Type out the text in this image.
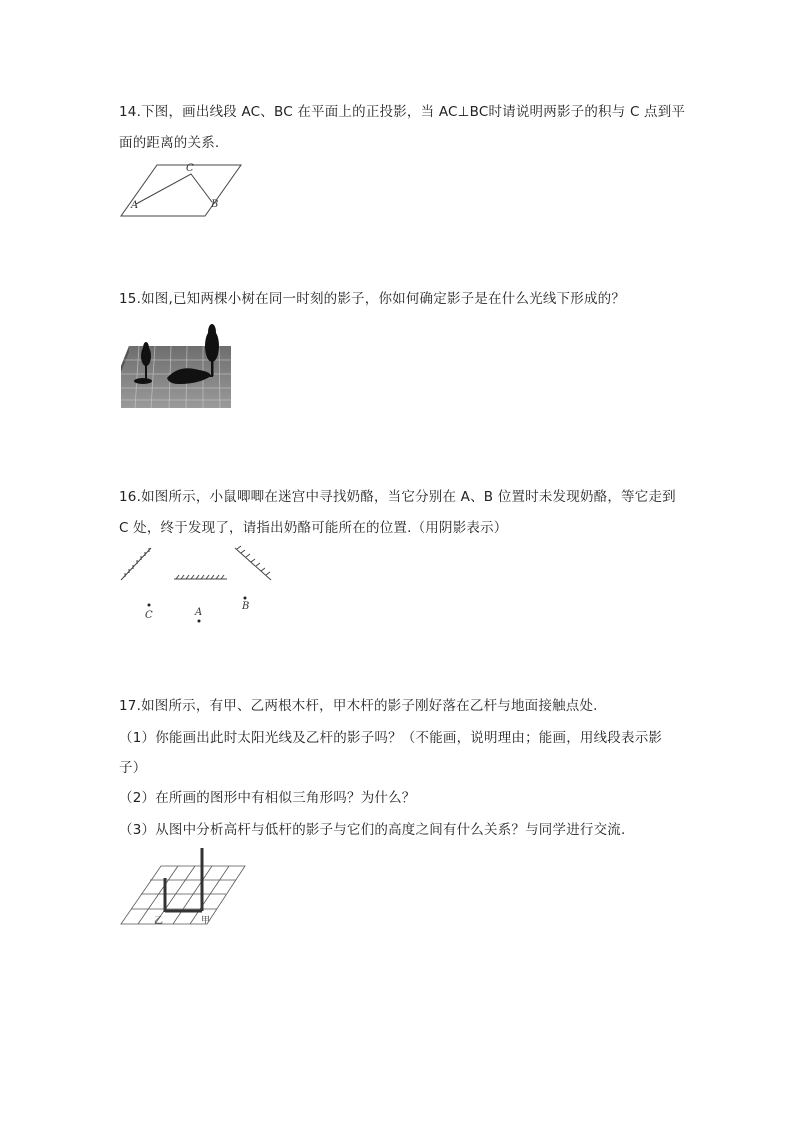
14.下图，画出线段 AC、BC 在平面上的正投影，当 AC⊥BC时请说明两影子的积与 C 点到平
面的距离的关系.
A
C
B
15.如图,已知两棵小树在同一时刻的影子，你如何确定影子是在什么光线下形成的？
16.如图所示，小鼠唧唧在迷宫中寻找奶酪，当它分别在 A、B 位置时未发现奶酪，等它走到
C 处，终于发现了，请指出奶酪可能所在的位置.（用阴影表示）
C	A
B
17.如图所示，有甲、乙两根木杆，甲木杆的影子刚好落在乙杆与地面接触点处.
（1）你能画出此时太阳光线及乙杆的影子吗？（不能画，说明理由；能画，用线段表示影
子）
（2）在所画的图形中有相似三角形吗？为什么？
（3）从图中分析高杆与低杆的影子与它们的高度之间有什么关系？与同学进行交流.
乙	甲
